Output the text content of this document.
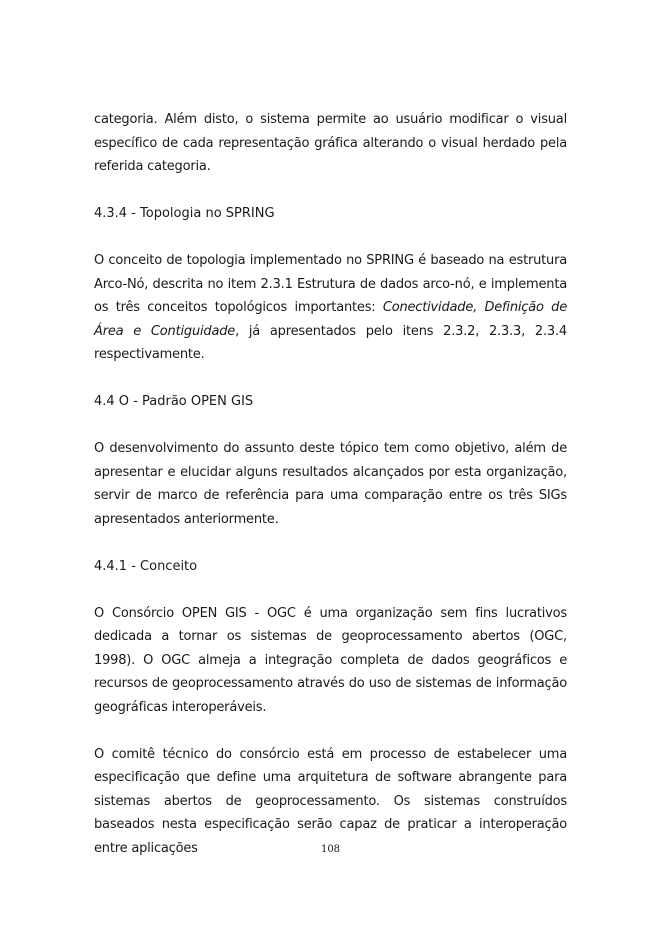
categoria. Além disto, o sistema permite ao usuário modificar o visual específico de cada representação gráfica alterando o visual herdado pela referida categoria.

4.3.4 - Topologia no SPRING

O conceito de topologia implementado no SPRING é baseado na estrutura Arco-Nó, descrita no item 2.3.1 Estrutura de dados arco-nó, e implementa os três conceitos topológicos importantes: Conectividade, Definição de Área e Contiguidade, já apresentados pelo itens 2.3.2, 2.3.3, 2.3.4 respectivamente.

4.4 O - Padrão OPEN GIS

O desenvolvimento do assunto deste tópico tem como objetivo, além de apresentar e elucidar alguns resultados alcançados por esta organização, servir de marco de referência para uma comparação entre os três SIGs apresentados anteriormente.

4.4.1 - Conceito

O Consórcio OPEN GIS - OGC é uma organização sem fins lucrativos dedicada a tornar os sistemas de geoprocessamento abertos (OGC, 1998). O OGC almeja a integração completa de dados geográficos e recursos de geoprocessamento através do uso de sistemas de informação geográficas interoperáveis.

O comitê técnico do consórcio está em processo de estabelecer uma especificação que define uma arquitetura de software abrangente para sistemas abertos de geoprocessamento. Os sistemas construídos baseados nesta especificação serão capaz de praticar a interoperação entre aplicações	108
